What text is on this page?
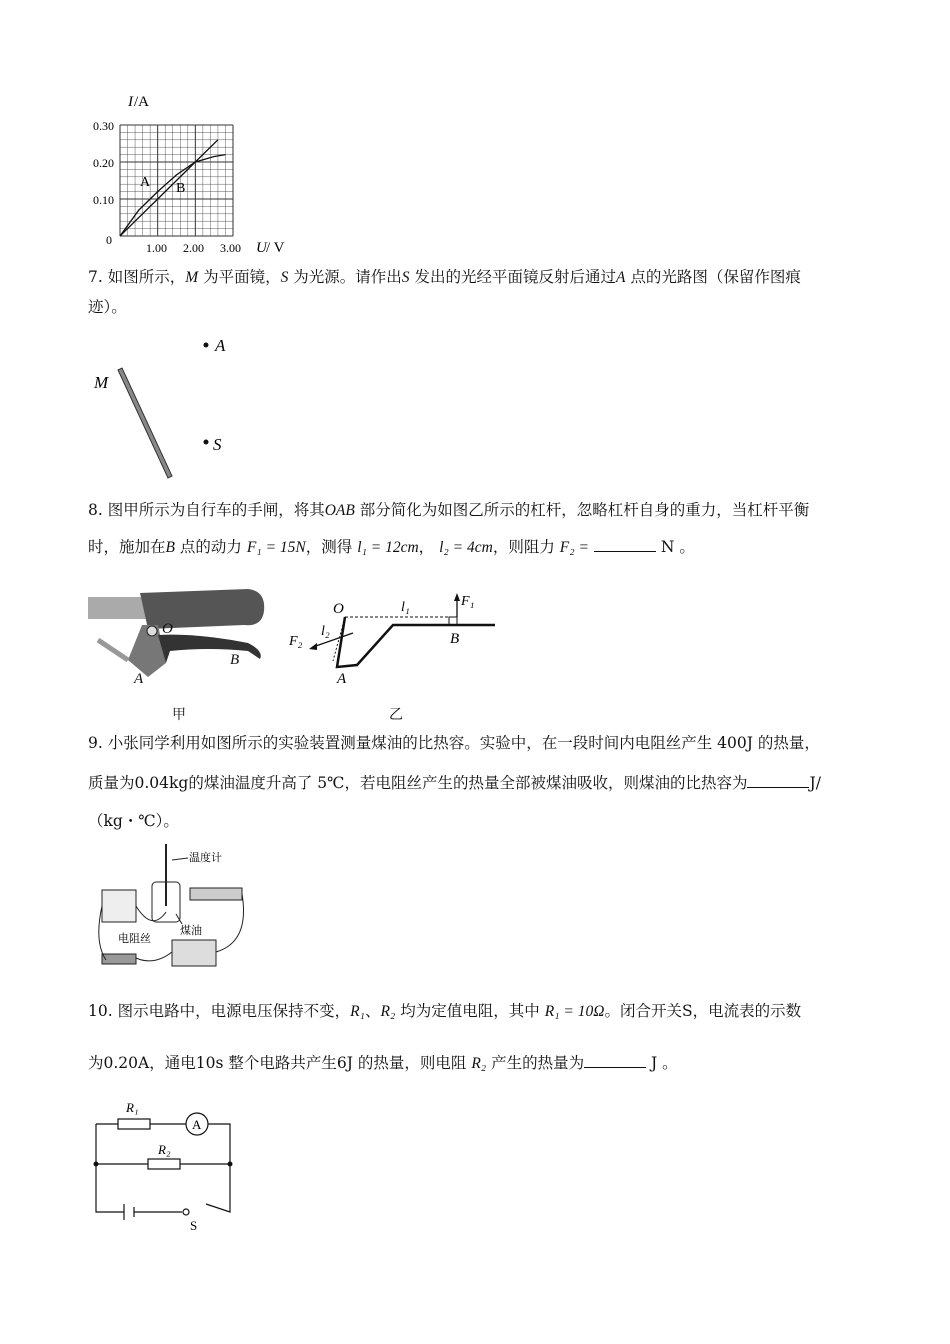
I /A
0.30
0.20
0.10
0
1.00 2.00 3.00 U / V
A B
7. 如图所示，M 为平面镜，S 为光源。请作出S 发出的光经平面镜反射后通过A 点的光路图（保留作图痕
迹）。
M
A
S
8. 图甲所示为自行车的手闸，将其OAB 部分简化为如图乙所示的杠杆，忽略杠杆自身的重力，当杠杆平衡
时，施加在B 点的动力 F₁ = 15N，测得 l₁ = 12cm， l₂ = 4cm，则阻力 F₂ =	N 。
O
B
A
O	l₁	F₁
l₂
F₂	B
A
甲	乙
9. 小张同学利用如图所示的实验装置测量煤油的比热容。实验中，在一段时间内电阻丝产生 400J 的热量，
质量为0.04kg的煤油温度升高了 5℃，若电阻丝产生的热量全部被煤油吸收，则煤油的比热容为	J/
（kg・℃）。
温度计
煤油
电阻丝
10. 图示电路中，电源电压保持不变，R₁、R₂ 均为定值电阻，其中 R₁ = 10Ω。闭合开关S，电流表的示数
为0.20A，通电10s 整个电路共产生6J 的热量，则电阻 R₂ 产生的热量为	J 。
R₁
R₂
A
S
